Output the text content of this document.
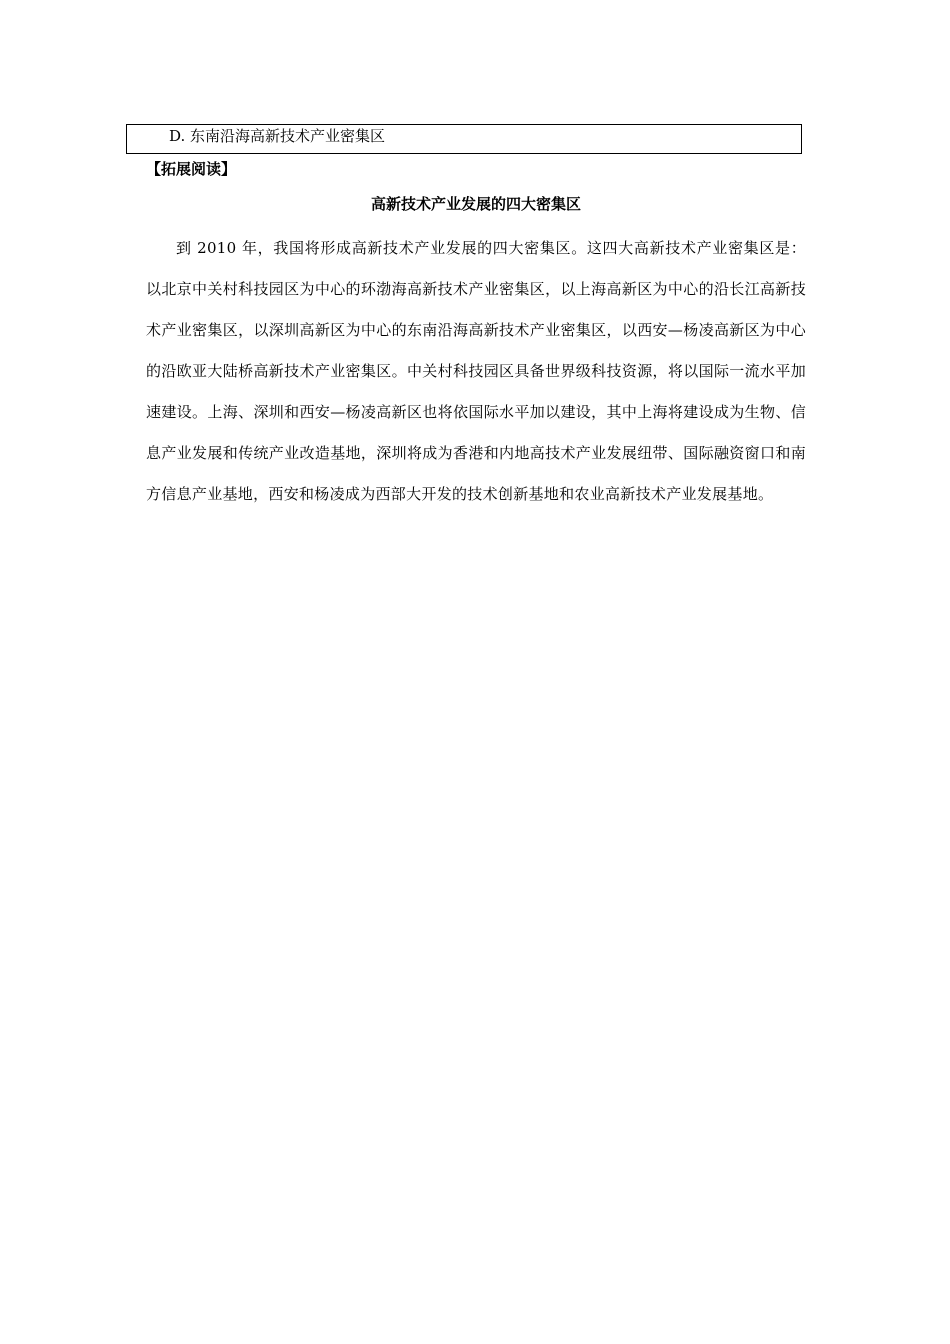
D. 东南沿海高新技术产业密集区
【拓展阅读】
高新技术产业发展的四大密集区

到 2010 年，我国将形成高新技术产业发展的四大密集区。这四大高新技术产业密集区是：以北京中关村科技园区为中心的环渤海高新技术产业密集区，以上海高新区为中心的沿长江高新技术产业密集区，以深圳高新区为中心的东南沿海高新技术产业密集区，以西安—杨凌高新区为中心的沿欧亚大陆桥高新技术产业密集区。中关村科技园区具备世界级科技资源，将以国际一流水平加速建设。上海、深圳和西安—杨凌高新区也将依国际水平加以建设，其中上海将建设成为生物、信息产业发展和传统产业改造基地，深圳将成为香港和内地高技术产业发展纽带、国际融资窗口和南方信息产业基地，西安和杨凌成为西部大开发的技术创新基地和农业高新技术产业发展基地。
